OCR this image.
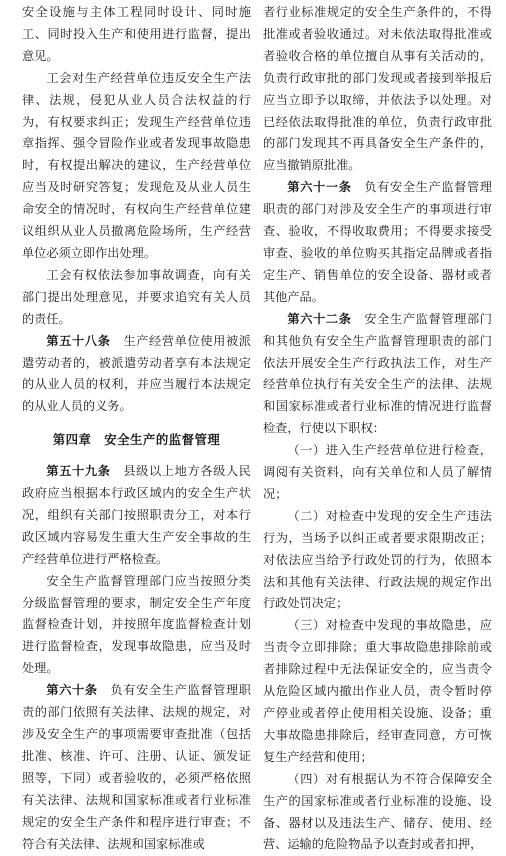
安全设施与主体工程同时设计、同时施工、同时投入生产和使用进行监督，提出意见。

工会对生产经营单位违反安全生产法律、法规，侵犯从业人员合法权益的行为，有权要求纠正；发现生产经营单位违章指挥、强令冒险作业或者发现事故隐患时，有权提出解决的建议，生产经营单位应当及时研究答复；发现危及从业人员生命安全的情况时，有权向生产经营单位建议组织从业人员撤离危险场所，生产经营单位必须立即作出处理。

工会有权依法参加事故调查，向有关部门提出处理意见，并要求追究有关人员的责任。

第五十八条　 生产经营单位使用被派遣劳动者的，被派遣劳动者享有本法规定的从业人员的权利，并应当履行本法规定的从业人员的义务。

第四章　安全生产的监督管理

第五十九条　 县级以上地方各级人民政府应当根据本行政区域内的安全生产状况，组织有关部门按照职责分工，对本行政区域内容易发生重大生产安全事故的生产经营单位进行严格检查。

安全生产监督管理部门应当按照分类分级监督管理的要求，制定安全生产年度监督检查计划，并按照年度监督检查计划进行监督检查，发现事故隐患，应当及时处理。

第六十条　 负有安全生产监督管理职责的部门依照有关法律、法规的规定，对涉及安全生产的事项需要审查批准（包括批准、核准、许可、注册、认证、颁发证照等，下同）或者验收的，必须严格依照有关法律、法规和国家标准或者行业标准规定的安全生产条件和程序进行审查；不符合有关法律、法规和国家标准或

者行业标准规定的安全生产条件的，不得批准或者验收通过。对未依法取得批准或者验收合格的单位擅自从事有关活动的，负责行政审批的部门发现或者接到举报后应当立即予以取缔，并依法予以处理。对已经依法取得批准的单位，负责行政审批的部门发现其不再具备安全生产条件的，应当撤销原批准。

第六十一条　 负有安全生产监督管理职责的部门对涉及安全生产的事项进行审查、验收，不得收取费用；不得要求接受审查、验收的单位购买其指定品牌或者指定生产、销售单位的安全设备、器材或者其他产品。

第六十二条　 安全生产监督管理部门和其他负有安全生产监督管理职责的部门依法开展安全生产行政执法工作，对生产经营单位执行有关安全生产的法律、法规和国家标准或者行业标准的情况进行监督检查，行使以下职权：

（一）进入生产经营单位进行检查，调阅有关资料，向有关单位和人员了解情况；

（二）对检查中发现的安全生产违法行为，当场予以纠正或者要求限期改正；对依法应当给予行政处罚的行为，依照本法和其他有关法律、行政法规的规定作出行政处罚决定；

（三）对检查中发现的事故隐患，应当责令立即排除；重大事故隐患排除前或者排除过程中无法保证安全的，应当责令从危险区域内撤出作业人员，责令暂时停产停业或者停止使用相关设施、设备；重大事故隐患排除后，经审查同意，方可恢复生产经营和使用；

（四）对有根据认为不符合保障安全生产的国家标准或者行业标准的设施、设备、器材以及违法生产、储存、使用、经营、运输的危险物品予以查封或者扣押，
